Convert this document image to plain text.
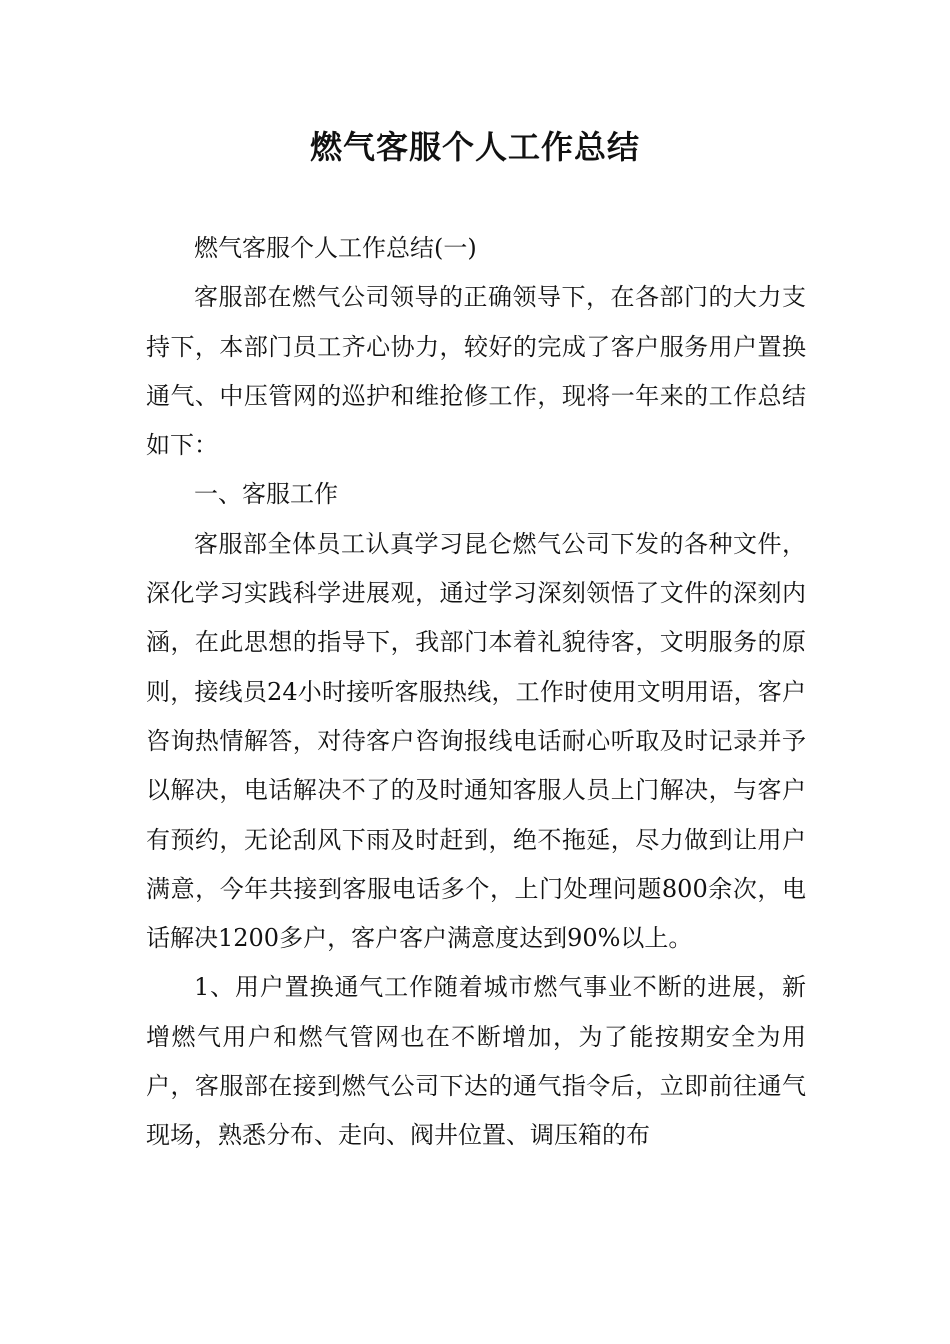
燃气客服个人工作总结

燃气客服个人工作总结(一)

客服部在燃气公司领导的正确领导下，在各部门的大力支持下，本部门员工齐心协力，较好的完成了客户服务用户置换通气、中压管网的巡护和维抢修工作，现将一年来的工作总结如下：

一、客服工作

客服部全体员工认真学习昆仑燃气公司下发的各种文件，深化学习实践科学进展观，通过学习深刻领悟了文件的深刻内涵，在此思想的指导下，我部门本着礼貌待客，文明服务的原则，接线员24小时接听客服热线，工作时使用文明用语，客户咨询热情解答，对待客户咨询报线电话耐心听取及时记录并予以解决，电话解决不了的及时通知客服人员上门解决，与客户有预约，无论刮风下雨及时赶到，绝不拖延，尽力做到让用户满意，今年共接到客服电话多个，上门处理问题800余次，电话解决1200多户，客户客户满意度达到90%以上。

1、用户置换通气工作随着城市燃气事业不断的进展，新增燃气用户和燃气管网也在不断增加，为了能按期安全为用户，客服部在接到燃气公司下达的通气指令后，立即前往通气现场，熟悉分布、走向、阀井位置、调压箱的布
